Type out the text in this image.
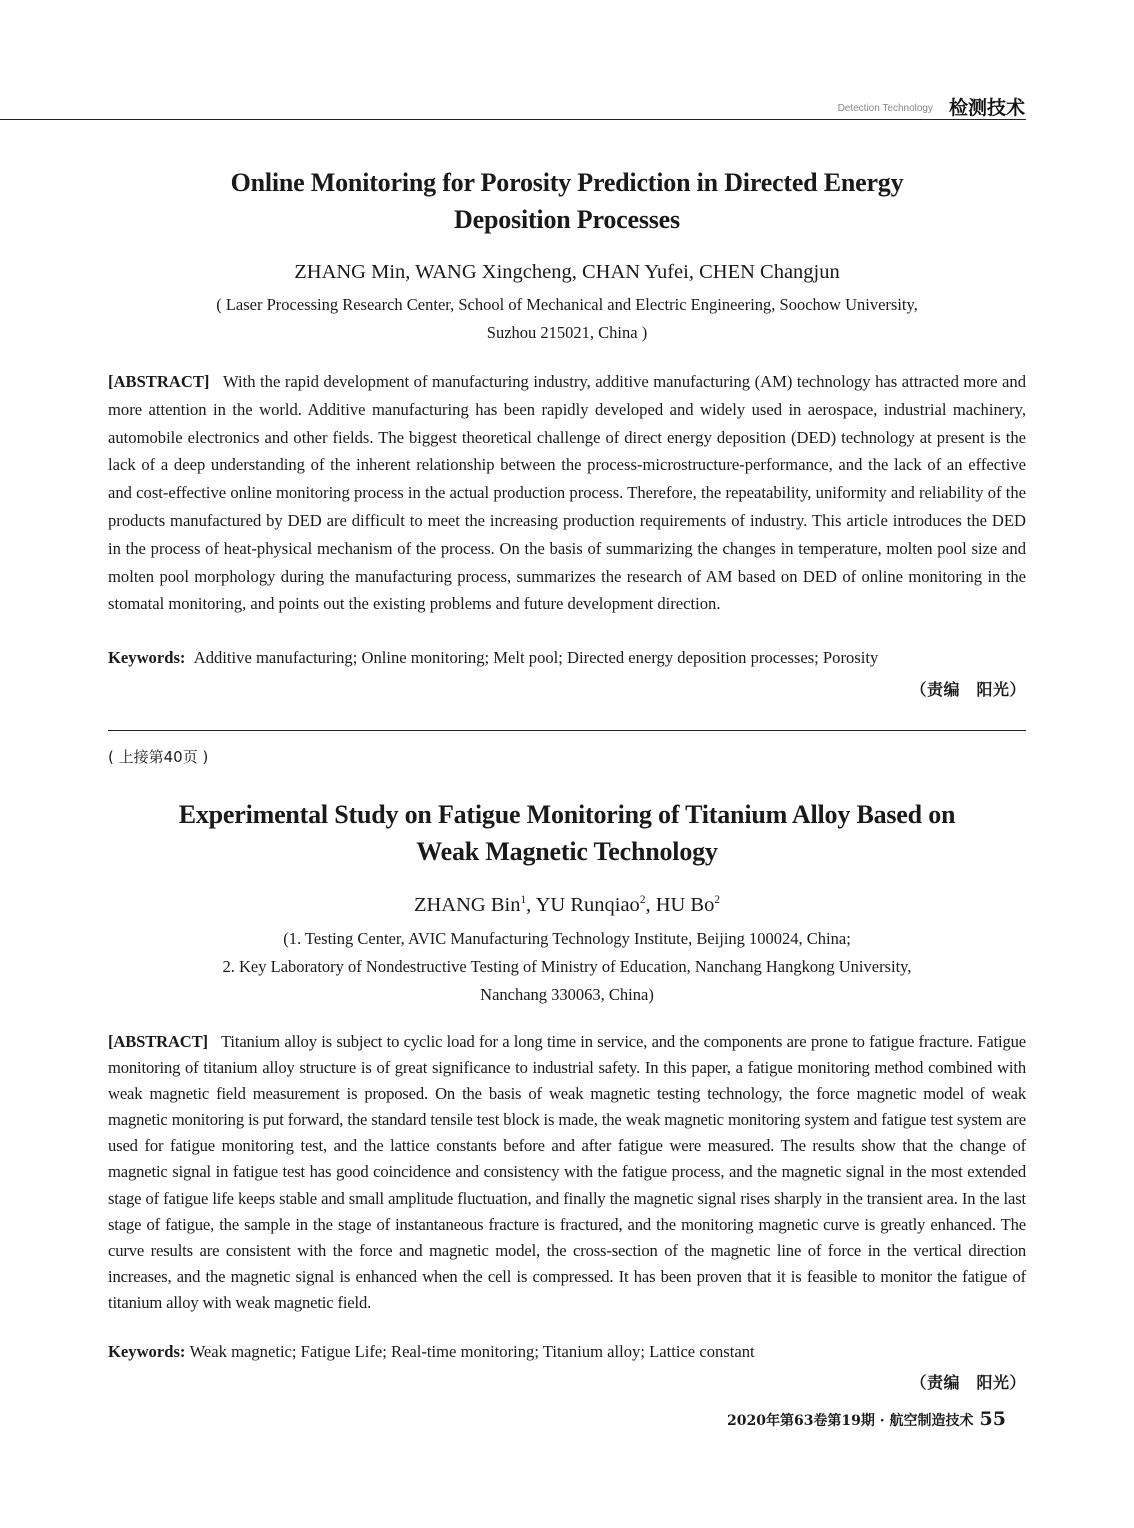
Detection Technology 检测技术
Online Monitoring for Porosity Prediction in Directed Energy
Deposition Processes
ZHANG Min, WANG Xingcheng, CHAN Yufei, CHEN Changjun
( Laser Processing Research Center, School of Mechanical and Electric Engineering, Soochow University,
Suzhou 215021, China )
[ABSTRACT] With the rapid development of manufacturing industry, additive manufacturing (AM) technology has attracted more and more attention in the world. Additive manufacturing has been rapidly developed and widely used in aerospace, industrial machinery, automobile electronics and other fields. The biggest theoretical challenge of direct energy deposition (DED) technology at present is the lack of a deep understanding of the inherent relationship between the process-microstructure-performance, and the lack of an effective and cost-effective online monitoring process in the actual production process. Therefore, the repeatability, uniformity and reliability of the products manufactured by DED are difficult to meet the increasing production requirements of industry. This article introduces the DED in the process of heat-physical mechanism of the process. On the basis of summarizing the changes in temperature, molten pool size and molten pool morphology during the manufacturing process, summarizes the research of AM based on DED of online monitoring in the stomatal monitoring, and points out the existing problems and future development direction.
Keywords: Additive manufacturing; Online monitoring; Melt pool; Directed energy deposition processes; Porosity
（责编　阳光）
( 上接第40页 )
Experimental Study on Fatigue Monitoring of Titanium Alloy Based on
Weak Magnetic Technology
ZHANG Bin$^1$, YU Runqiao$^2$, HU Bo$^2$
(1. Testing Center, AVIC Manufacturing Technology Institute, Beijing 100024, China;
2. Key Laboratory of Nondestructive Testing of Ministry of Education, Nanchang Hangkong University,
Nanchang 330063, China)
[ABSTRACT] Titanium alloy is subject to cyclic load for a long time in service, and the components are prone to fatigue fracture. Fatigue monitoring of titanium alloy structure is of great significance to industrial safety. In this paper, a fatigue monitoring method combined with weak magnetic field measurement is proposed. On the basis of weak magnetic testing technology, the force magnetic model of weak magnetic monitoring is put forward, the standard tensile test block is made, the weak magnetic monitoring system and fatigue test system are used for fatigue monitoring test, and the lattice constants before and after fatigue were measured. The results show that the change of magnetic signal in fatigue test has good coincidence and consistency with the fatigue process, and the magnetic signal in the most extended stage of fatigue life keeps stable and small amplitude fluctuation, and finally the magnetic signal rises sharply in the transient area. In the last stage of fatigue, the sample in the stage of instantaneous fracture is fractured, and the monitoring magnetic curve is greatly enhanced. The curve results are consistent with the force and magnetic model, the cross-section of the magnetic line of force in the vertical direction increases, and the magnetic signal is enhanced when the cell is compressed. It has been proven that it is feasible to monitor the fatigue of titanium alloy with weak magnetic field.
Keywords: Weak magnetic; Fatigue Life; Real-time monitoring; Titanium alloy; Lattice constant
（责编　阳光）
2020年第63卷第19期 · 航空制造技术 55
